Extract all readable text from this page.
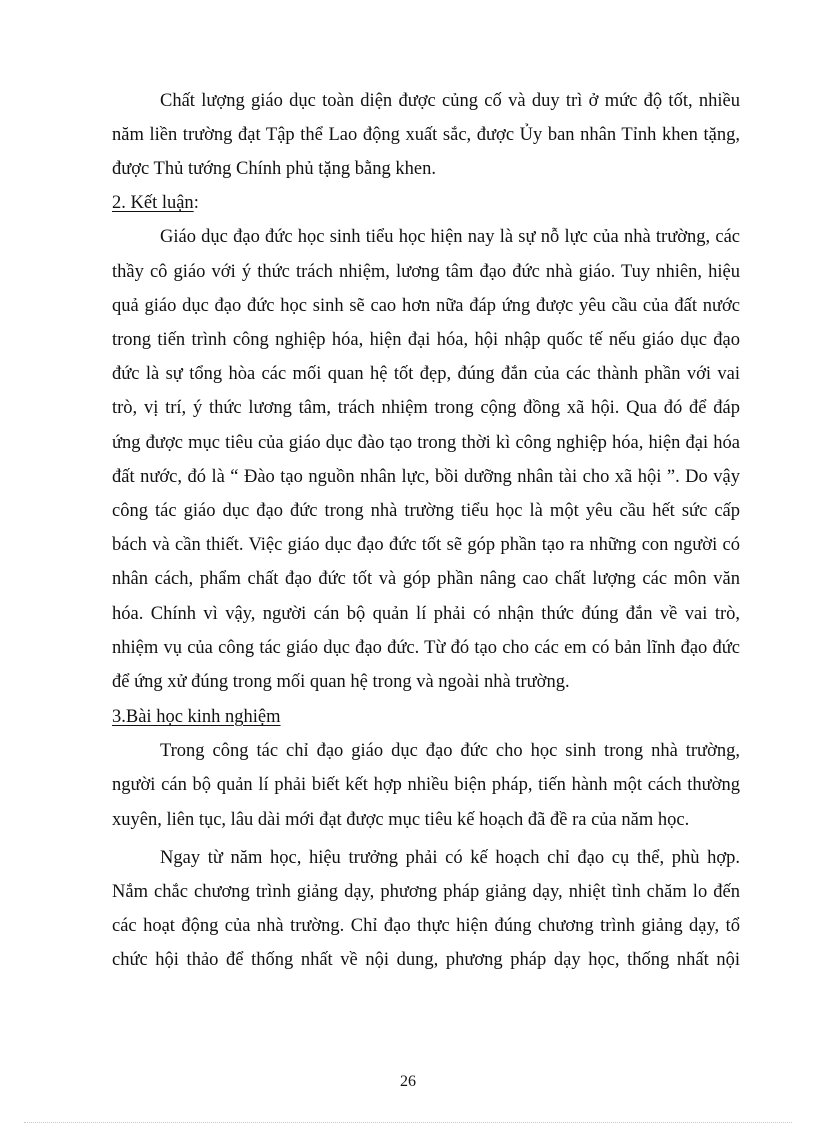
Chất lượng giáo dục toàn diện được củng cố và duy trì ở mức độ tốt, nhiều
năm liền trường đạt Tập thể Lao động xuất sắc, được Ủy ban nhân Tỉnh khen tặng,
được Thủ tướng Chính phủ tặng bằng khen.
2. Kết luận:
Giáo dục đạo đức học sinh tiểu học hiện nay là sự nỗ lực của nhà trường, các
thầy cô giáo với ý thức trách nhiệm, lương tâm đạo đức nhà giáo. Tuy nhiên, hiệu
quả giáo dục đạo đức học sinh sẽ cao hơn nữa đáp ứng được yêu cầu của đất nước
trong tiến trình công nghiệp hóa, hiện đại hóa, hội nhập quốc tế nếu giáo dục đạo
đức là sự tổng hòa các mối quan hệ tốt đẹp, đúng đắn của các thành phần với vai
trò, vị trí, ý thức lương tâm, trách nhiệm trong cộng đồng xã hội. Qua đó để đáp
ứng được mục tiêu của giáo dục đào tạo trong thời kì công nghiệp hóa, hiện đại hóa
đất nước, đó là “ Đào tạo nguồn nhân lực, bồi dưỡng nhân tài cho xã hội ”. Do vậy
công tác giáo dục đạo đức trong nhà trường tiểu học là một yêu cầu hết sức cấp
bách và cần thiết. Việc giáo dục đạo đức tốt sẽ góp phần tạo ra những con người có
nhân cách, phẩm chất đạo đức tốt và góp phần nâng cao chất lượng các môn văn
hóa. Chính vì vậy, người cán bộ quản lí phải có nhận thức đúng đắn về vai trò,
nhiệm vụ của công tác giáo dục đạo đức. Từ đó tạo cho các em có bản lĩnh đạo đức
để ứng xử đúng trong mối quan hệ trong và ngoài nhà trường.
3.Bài học kinh nghiệm
Trong công tác chỉ đạo giáo dục đạo đức cho học sinh trong nhà trường,
người cán bộ quản lí phải biết kết hợp nhiều biện pháp, tiến hành một cách thường
xuyên, liên tục, lâu dài mới đạt được mục tiêu kế hoạch đã đề ra của năm học.
Ngay từ năm học, hiệu trưởng phải có kế hoạch chỉ đạo cụ thể, phù hợp.
Nắm chắc chương trình giảng dạy, phương pháp giảng dạy, nhiệt tình chăm lo đến
các hoạt động của nhà trường. Chỉ đạo thực hiện đúng chương trình giảng dạy, tổ
chức hội thảo để thống nhất về nội dung, phương pháp dạy học, thống nhất nội
26
